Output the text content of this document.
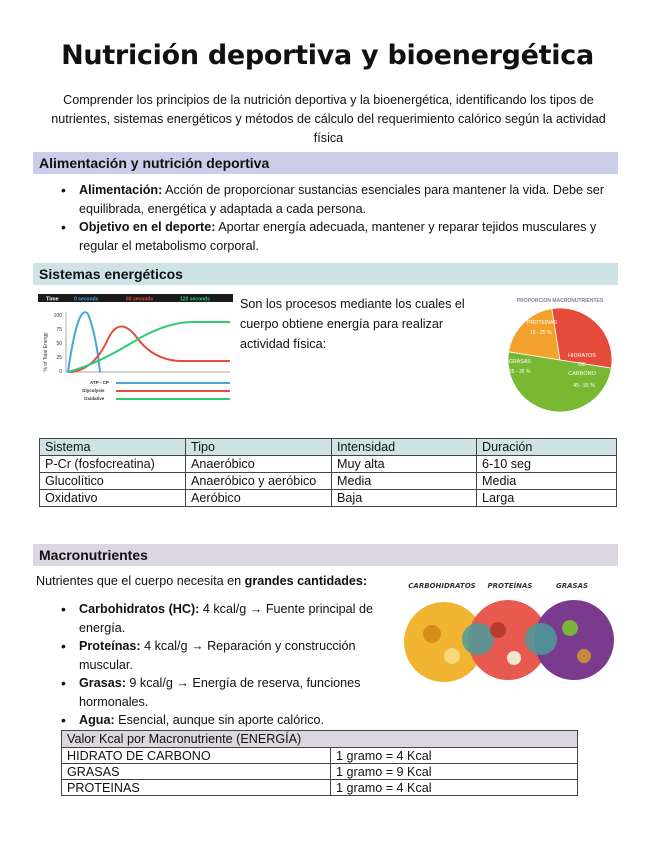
Nutrición deportiva y bioenergética
Comprender los principios de la nutrición deportiva y la bioenergética, identificando los tipos de nutrientes, sistemas energéticos y métodos de cálculo del requerimiento calórico según la actividad física
Alimentación y nutrición deportiva
• Alimentación: Acción de proporcionar sustancias esenciales para mantener la vida. Debe ser equilibrada, energética y adaptada a cada persona.
• Objetivo en el deporte: Aportar energía adecuada, mantener y reparar tejidos musculares y regular el metabolismo corporal.
Sistemas energéticos
Time	0 seconds	60 seconds	120 seconds
% of Total Energy
100
75
50
25
0
ATP - CP
Glycolysis
Oxidative
Son los procesos mediante los cuales el cuerpo obtiene energía para realizar actividad física:
PROPORCION MACRONUTRIENTES
PROTEINAS
15 - 25 %
GRASAS
25 - 35 %
HIDRATOS DE CARBONO
45 - 55 %
Sistema	Tipo	Intensidad	Duración
P-Cr (fosfocreatina)	Anaeróbico	Muy alta	6-10 seg
Glucolítico	Anaeróbico y aeróbico	Media	Media
Oxidativo	Aeróbico	Baja	Larga
Macronutrientes
Nutrientes que el cuerpo necesita en grandes cantidades:
• Carbohidratos (HC): 4 kcal/g → Fuente principal de energía.
• Proteínas: 4 kcal/g → Reparación y construcción muscular.
• Grasas: 9 kcal/g → Energía de reserva, funciones hormonales.
• Agua: Esencial, aunque sin aporte calórico.
CARBOHIDRATOS PROTEÍNAS	GRASAS
Valor Kcal por Macronutriente (ENERGÍA)	
HIDRATO DE CARBONO	1 gramo = 4 Kcal
GRASAS	1 gramo = 9 Kcal
PROTEINAS	1 gramo = 4 Kcal
